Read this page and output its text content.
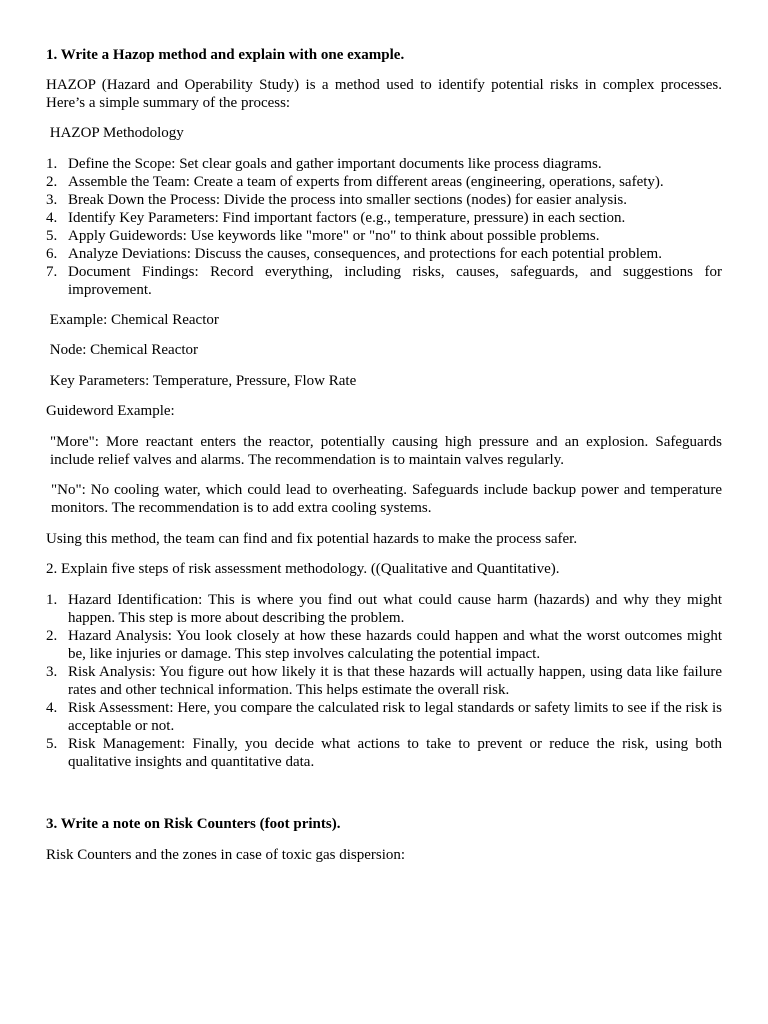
1. Write a Hazop method and explain with one example.

HAZOP (Hazard and Operability Study) is a method used to identify potential risks in complex processes. Here’s a simple summary of the process:

HAZOP Methodology

1. Define the Scope: Set clear goals and gather important documents like process diagrams.
2. Assemble the Team: Create a team of experts from different areas (engineering, operations, safety).
3. Break Down the Process: Divide the process into smaller sections (nodes) for easier analysis.
4. Identify Key Parameters: Find important factors (e.g., temperature, pressure) in each section.
5. Apply Guidewords: Use keywords like "more" or "no" to think about possible problems.
6. Analyze Deviations: Discuss the causes, consequences, and protections for each potential problem.
7. Document Findings: Record everything, including risks, causes, safeguards, and suggestions for improvement.

Example: Chemical Reactor

Node: Chemical Reactor

Key Parameters: Temperature, Pressure, Flow Rate

Guideword Example:

"More": More reactant enters the reactor, potentially causing high pressure and an explosion. Safeguards include relief valves and alarms. The recommendation is to maintain valves regularly.

"No": No cooling water, which could lead to overheating. Safeguards include backup power and temperature monitors. The recommendation is to add extra cooling systems.

Using this method, the team can find and fix potential hazards to make the process safer.

2. Explain five steps of risk assessment methodology. ((Qualitative and Quantitative).

1. Hazard Identification: This is where you find out what could cause harm (hazards) and why they might happen. This step is more about describing the problem.
2. Hazard Analysis: You look closely at how these hazards could happen and what the worst outcomes might be, like injuries or damage. This step involves calculating the potential impact.
3. Risk Analysis: You figure out how likely it is that these hazards will actually happen, using data like failure rates and other technical information. This helps estimate the overall risk.
4. Risk Assessment: Here, you compare the calculated risk to legal standards or safety limits to see if the risk is acceptable or not.
5. Risk Management: Finally, you decide what actions to take to prevent or reduce the risk, using both qualitative insights and quantitative data.

3. Write a note on Risk Counters (foot prints).

Risk Counters and the zones in case of toxic gas dispersion:
